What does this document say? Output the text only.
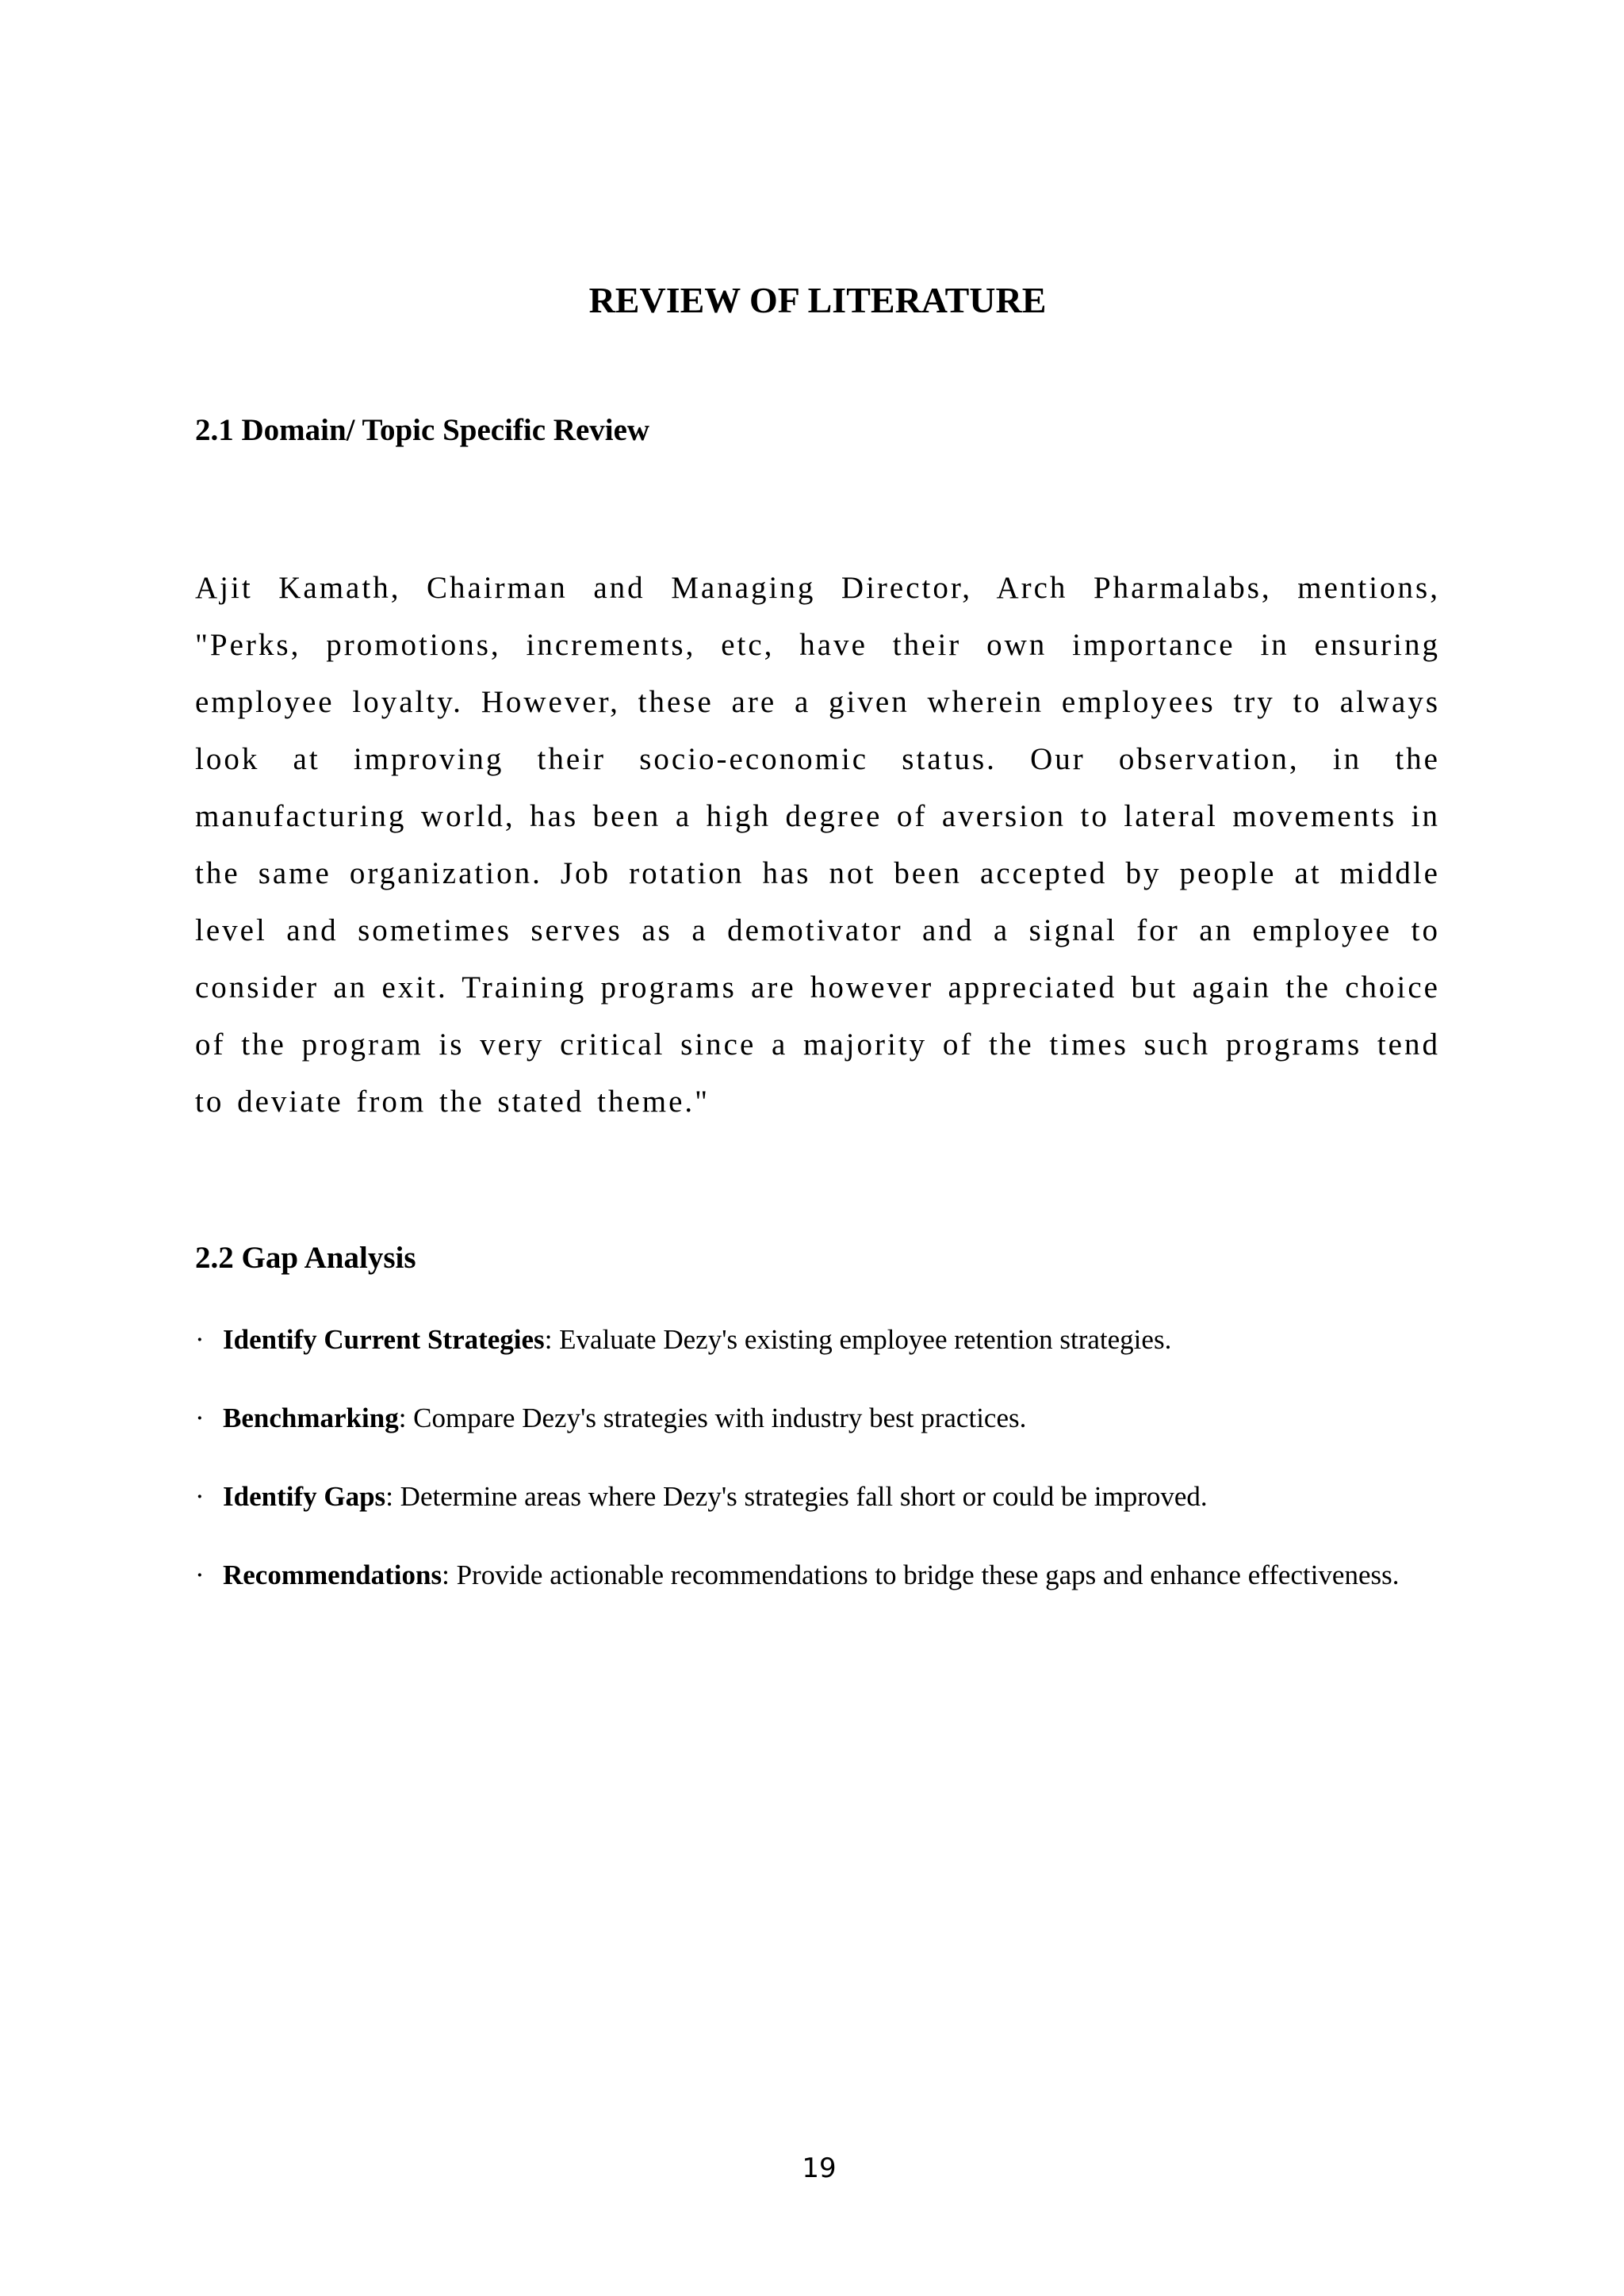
REVIEW OF LITERATURE
2.1 Domain/ Topic Specific Review

Ajit Kamath, Chairman and Managing Director, Arch Pharmalabs, mentions, "Perks, promotions, increments, etc, have their own importance in ensuring employee loyalty. However, these are a given wherein employees try to always look at improving their socio-economic status. Our observation, in the manufacturing world, has been a high degree of aversion to lateral movements in the same organization. Job rotation has not been accepted by people at middle level and sometimes serves as a demotivator and a signal for an employee to consider an exit. Training programs are however appreciated but again the choice of the program is very critical since a majority of the times such programs tend to deviate from the stated theme."

2.2 Gap Analysis

· Identify Current Strategies: Evaluate Dezy's existing employee retention strategies.

· Benchmarking: Compare Dezy's strategies with industry best practices.

· Identify Gaps: Determine areas where Dezy's strategies fall short or could be improved.

· Recommendations: Provide actionable recommendations to bridge these gaps and enhance effectiveness.

19
